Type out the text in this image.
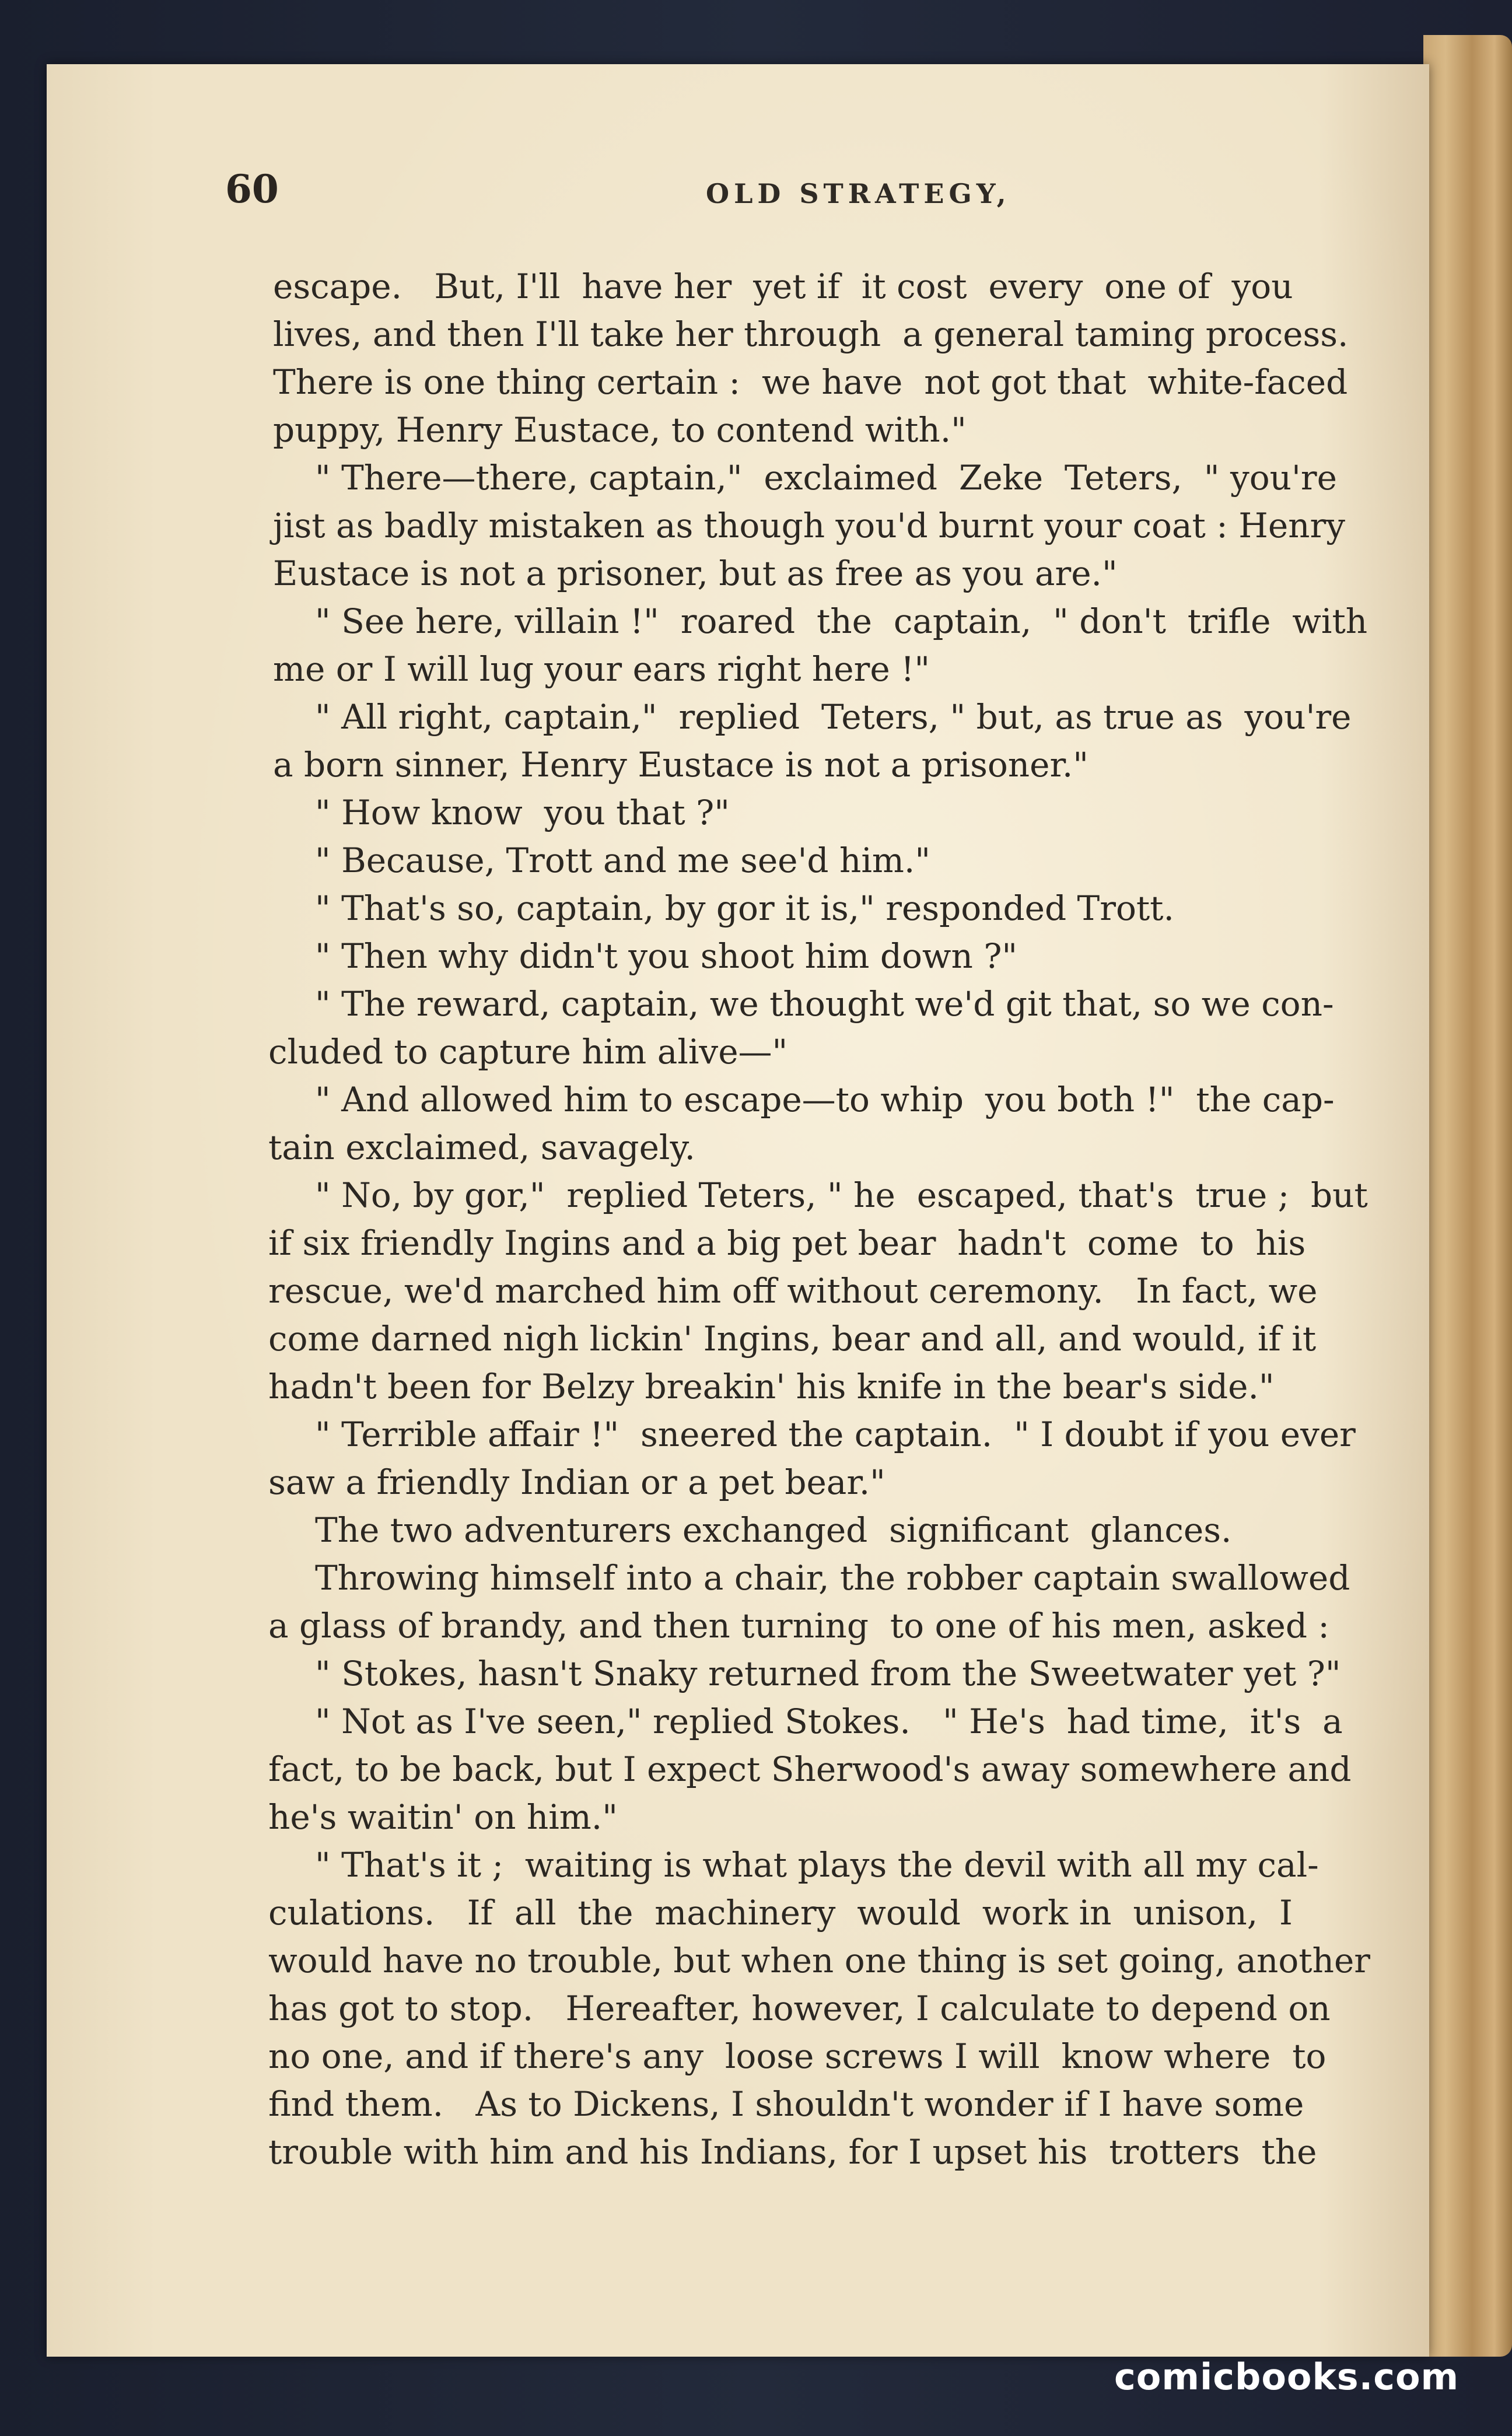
60	OLD STRATEGY,
escape.   But, I'll  have her  yet if  it cost  every  one of  you
lives, and then I'll take her through  a general taming process.
There is one thing certain :  we have  not got that  white-faced
puppy, Henry Eustace, to contend with."
" There—there, captain,"  exclaimed  Zeke  Teters,  " you're
jist as badly mistaken as though you'd burnt your coat : Henry
Eustace is not a prisoner, but as free as you are."
" See here, villain !"  roared  the  captain,  " don't  trifle  with
me or I will lug your ears right here !"
" All right, captain,"  replied  Teters, " but, as true as  you're
a born sinner, Henry Eustace is not a prisoner."
" How know  you that ?"
" Because, Trott and me see'd him."
" That's so, captain, by gor it is," responded Trott.
" Then why didn't you shoot him down ?"
" The reward, captain, we thought we'd git that, so we con-
cluded to capture him alive—"
" And allowed him to escape—to whip  you both !"  the cap-
tain exclaimed, savagely.
" No, by gor,"  replied Teters, " he  escaped, that's  true ;  but
if six friendly Ingins and a big pet bear  hadn't  come  to  his
rescue, we'd marched him off without ceremony.   In fact, we
come darned nigh lickin' Ingins, bear and all, and would, if it
hadn't been for Belzy breakin' his knife in the bear's side."
" Terrible affair !"  sneered the captain.  " I doubt if you ever
saw a friendly Indian or a pet bear."
The two adventurers exchanged  significant  glances.
Throwing himself into a chair, the robber captain swallowed
a glass of brandy, and then turning  to one of his men, asked :
" Stokes, hasn't Snaky returned from the Sweetwater yet ?"
" Not as I've seen," replied Stokes.   " He's  had time,  it's  a
fact, to be back, but I expect Sherwood's away somewhere and
he's waitin' on him."
" That's it ;  waiting is what plays the devil with all my cal-
culations.   If  all  the  machinery  would  work in  unison,  I
would have no trouble, but when one thing is set going, another
has got to stop.   Hereafter, however, I calculate to depend on
no one, and if there's any  loose screws I will  know where  to
find them.   As to Dickens, I shouldn't wonder if I have some
trouble with him and his Indians, for I upset his  trotters  the
comicbooks.com
